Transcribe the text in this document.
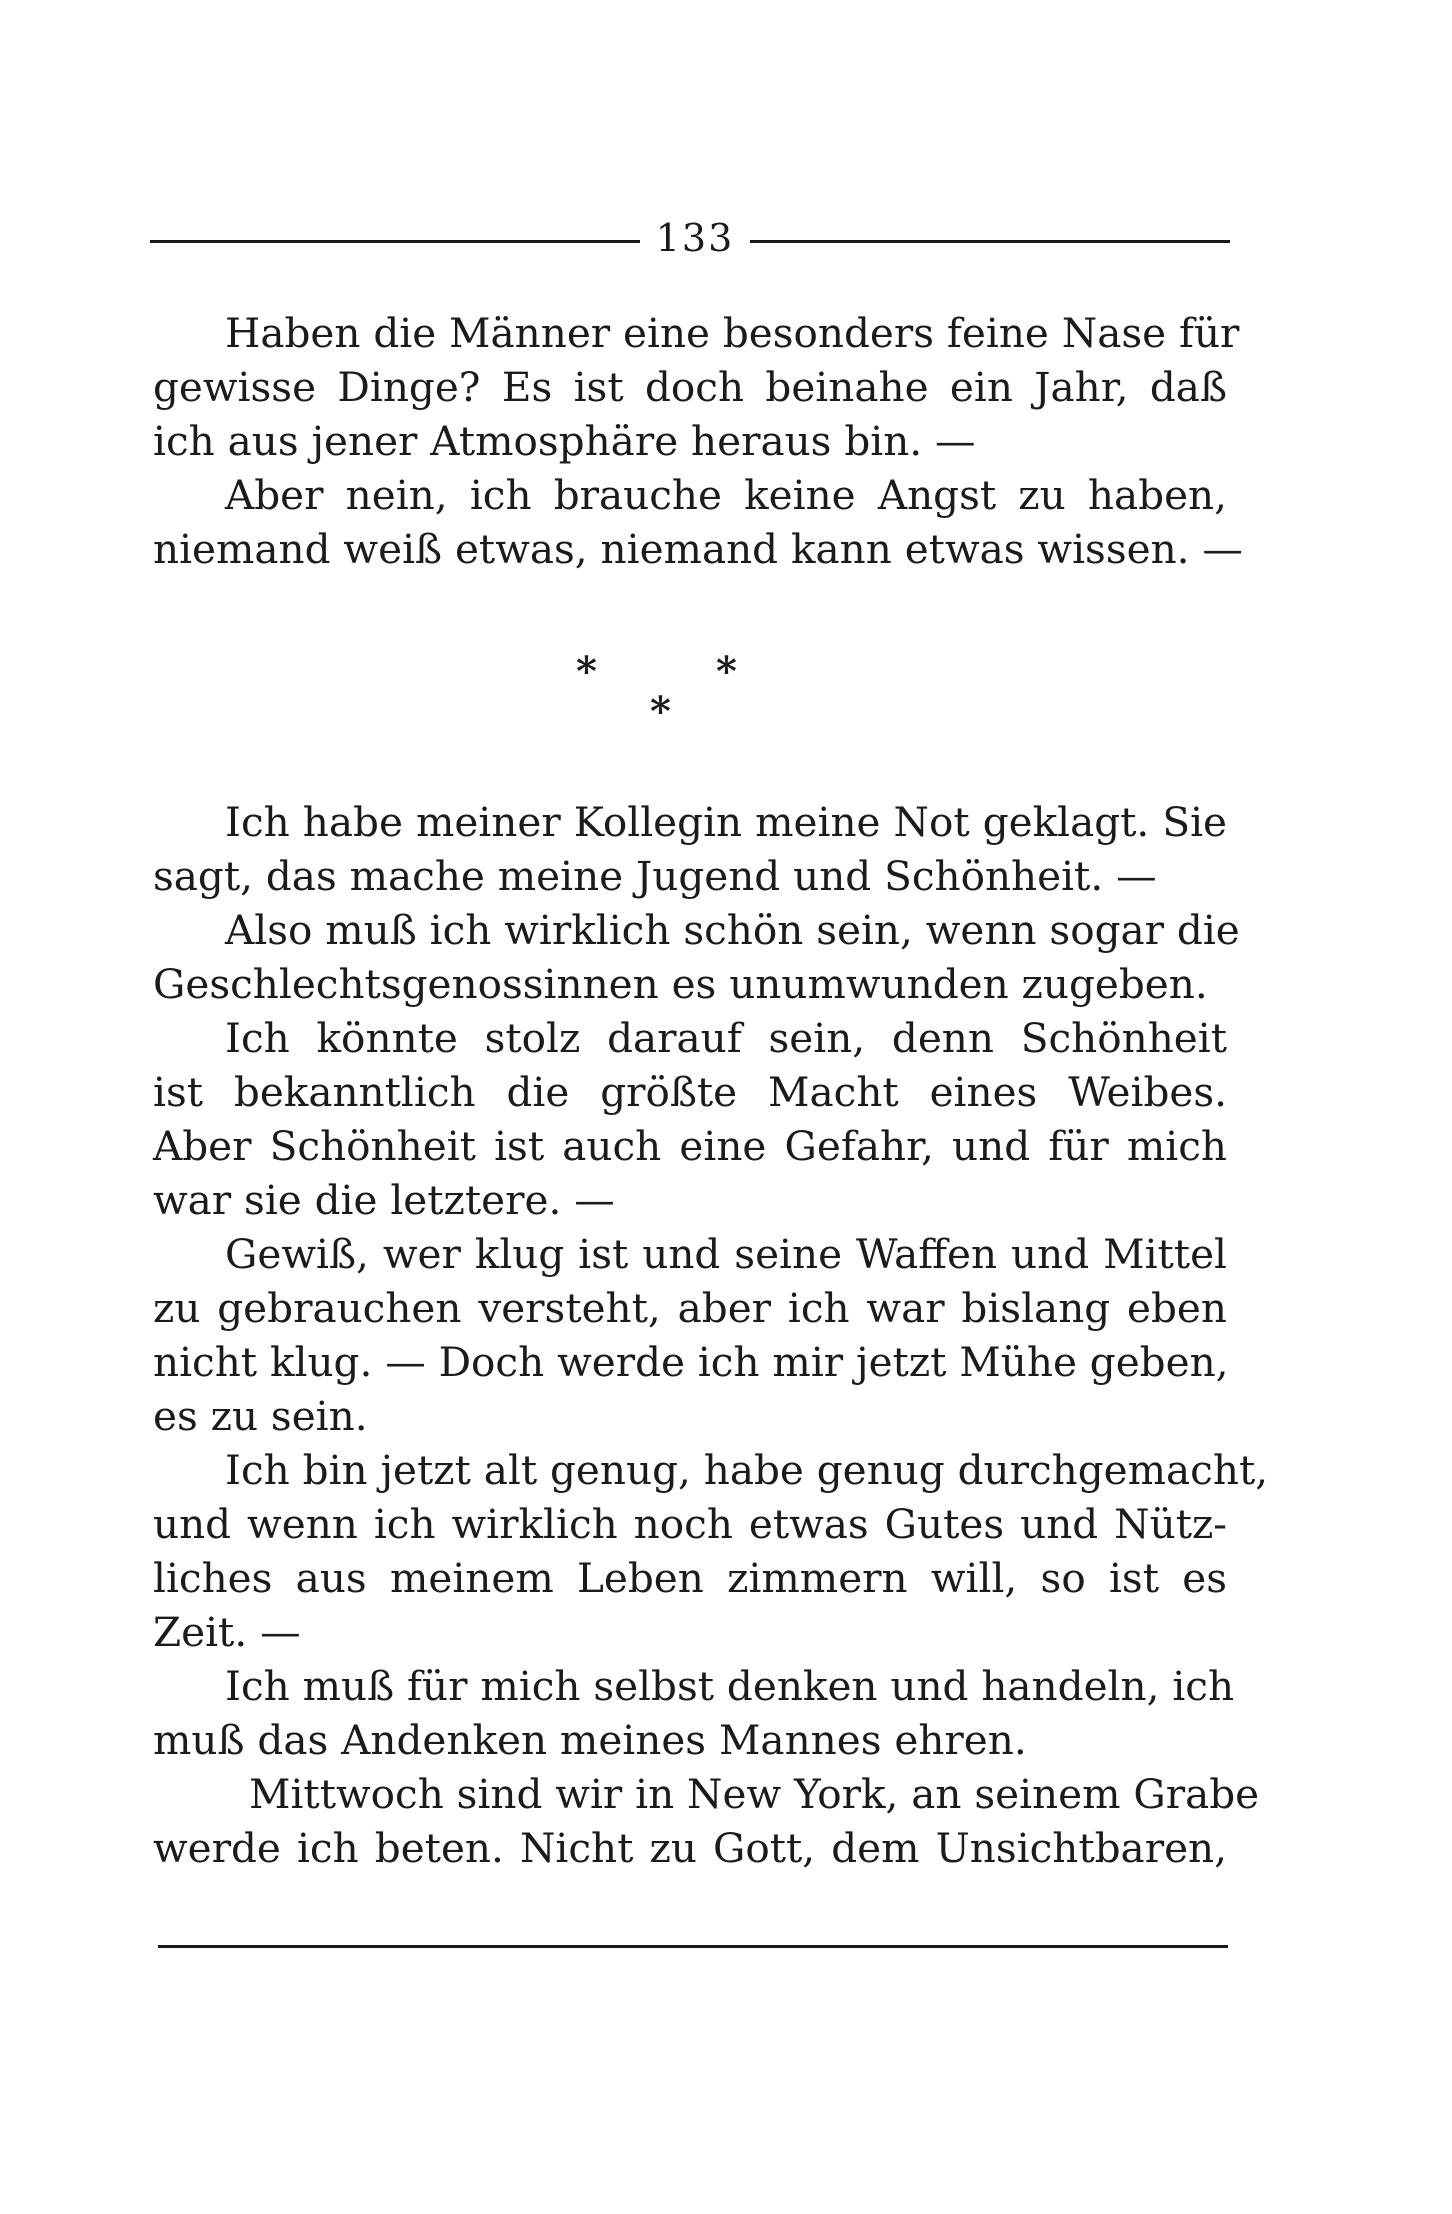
133
Haben die Männer eine besonders feine Nase für
gewisse Dinge? Es ist doch beinahe ein Jahr, daß
ich aus jener Atmosphäre heraus bin. —
Aber nein, ich brauche keine Angst zu haben,
niemand weiß etwas, niemand kann etwas wissen. —
*
*
*
Ich habe meiner Kollegin meine Not geklagt. Sie
sagt, das mache meine Jugend und Schönheit. —
Also muß ich wirklich schön sein, wenn sogar die
Geschlechtsgenossinnen es unumwunden zugeben.
Ich könnte stolz darauf sein, denn Schönheit
ist bekanntlich die größte Macht eines Weibes.
Aber Schönheit ist auch eine Gefahr, und für mich
war sie die letztere. —
Gewiß, wer klug ist und seine Waffen und Mittel
zu gebrauchen versteht, aber ich war bislang eben
nicht klug. — Doch werde ich mir jetzt Mühe geben,
es zu sein.
Ich bin jetzt alt genug, habe genug durchgemacht,
und wenn ich wirklich noch etwas Gutes und Nütz-
liches aus meinem Leben zimmern will, so ist es
Zeit. —
Ich muß für mich selbst denken und handeln, ich
muß das Andenken meines Mannes ehren.
Mittwoch sind wir in New York, an seinem Grabe
werde ich beten. Nicht zu Gott, dem Unsichtbaren,
